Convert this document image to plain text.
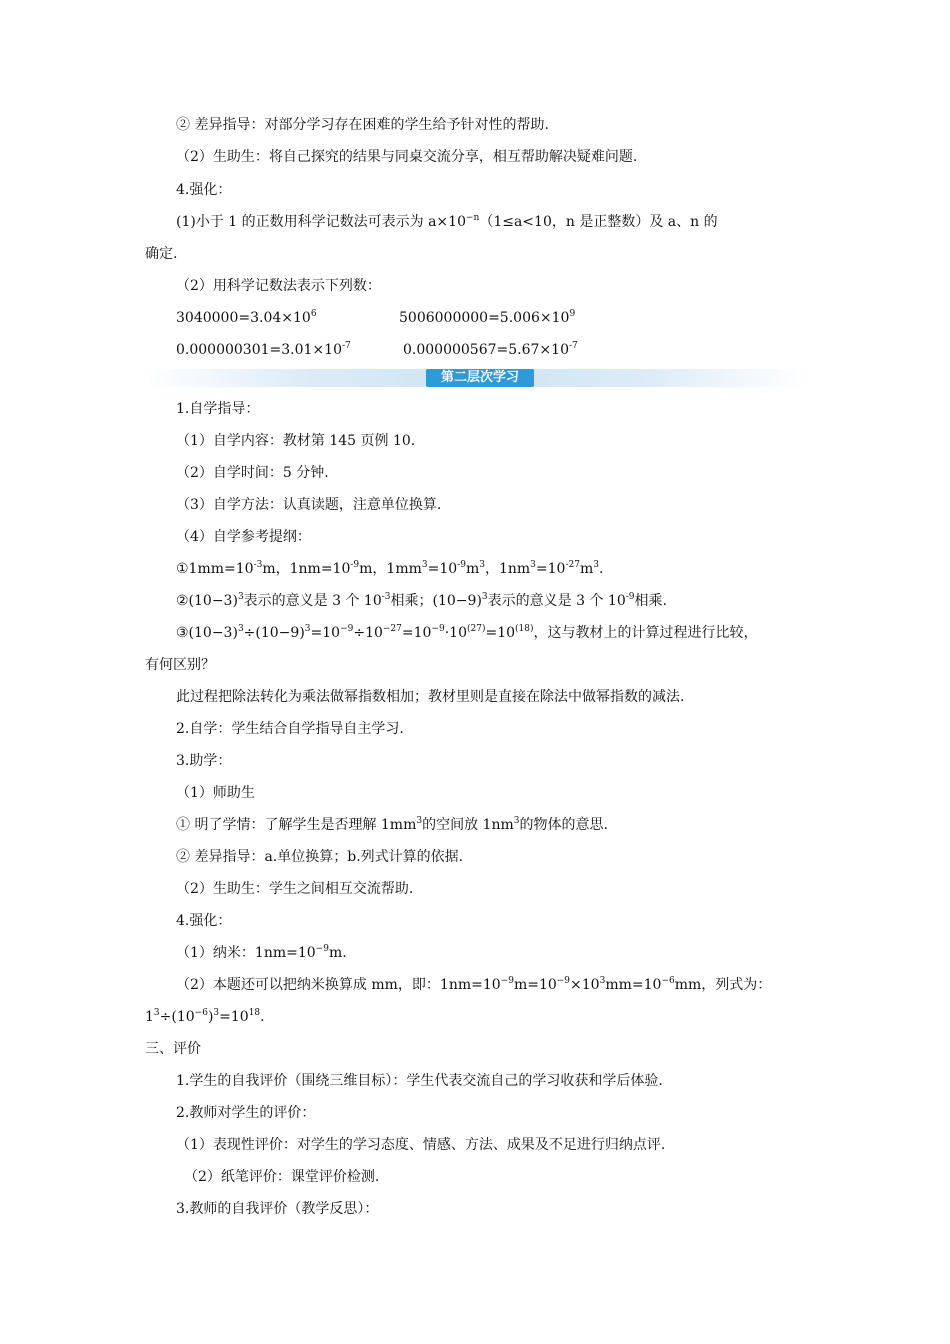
② 差异指导：对部分学习存在困难的学生给予针对性的帮助.
（2）生助生：将自己探究的结果与同桌交流分享，相互帮助解决疑难问题.
4.强化：
(1)小于 1 的正数用科学记数法可表示为 $a\times 10^{-n}(1\le a<10$，n 是正整数）及 a、n 的
确定.
（2）用科学记数法表示下列数：
$3040000=3.04\times 10^6$	$5006000000=5.006\times 10^9$
$0.000000301=3.01\times 10^{-7}$	$0.000000567=5.67\times 10^{-7}$
第二层次学习
1.自学指导：
（1）自学内容：教材第 145 页例 10.
（2）自学时间：5 分钟.
（3）自学方法：认真读题，注意单位换算.
（4）自学参考提纲：
$①1mm=10^{-3}m$，$1nm=10^{-9}m$，$1mm^3=10^{-9}m^3$，$1nm^3=10^{-27}m^3$.
$②(10-3)^3$表示的意义是 3 个 $10^{-3}$相乘；$(10-9)^3$表示的意义是 3 个 $10^{-9}$相乘.
$③(10-3)^3\div(10-9)^3=10^{-9}\div 10^{-27}=10^{-9}\cdot 10^{(27)}=10^{(18)}$，这与教材上的计算过程进行比较，
有何区别？
此过程把除法转化为乘法做幂指数相加；教材里则是直接在除法中做幂指数的减法.
2.自学：学生结合自学指导自主学习.
3.助学：
（1）师助生
① 明了学情：了解学生是否理解 $1mm^3$的空间放 $1nm^3$的物体的意思.
② 差异指导：a.单位换算；b.列式计算的依据.
（2）生助生：学生之间相互交流帮助.
4.强化：
（1）纳米：$1nm=10^{-9}m$.
（2）本题还可以把纳米换算成 mm，即：$1nm=10^{-9}m=10^{-9}\times 10^3mm=10^{-6}mm$，列式为：
$1^3\div(10^{-6})^3=10^{18}$.
三、评价
1.学生的自我评价（围绕三维目标）：学生代表交流自己的学习收获和学后体验.
2.教师对学生的评价：
（1）表现性评价：对学生的学习态度、情感、方法、成果及不足进行归纳点评.
（2）纸笔评价：课堂评价检测.
3.教师的自我评价（教学反思）：
